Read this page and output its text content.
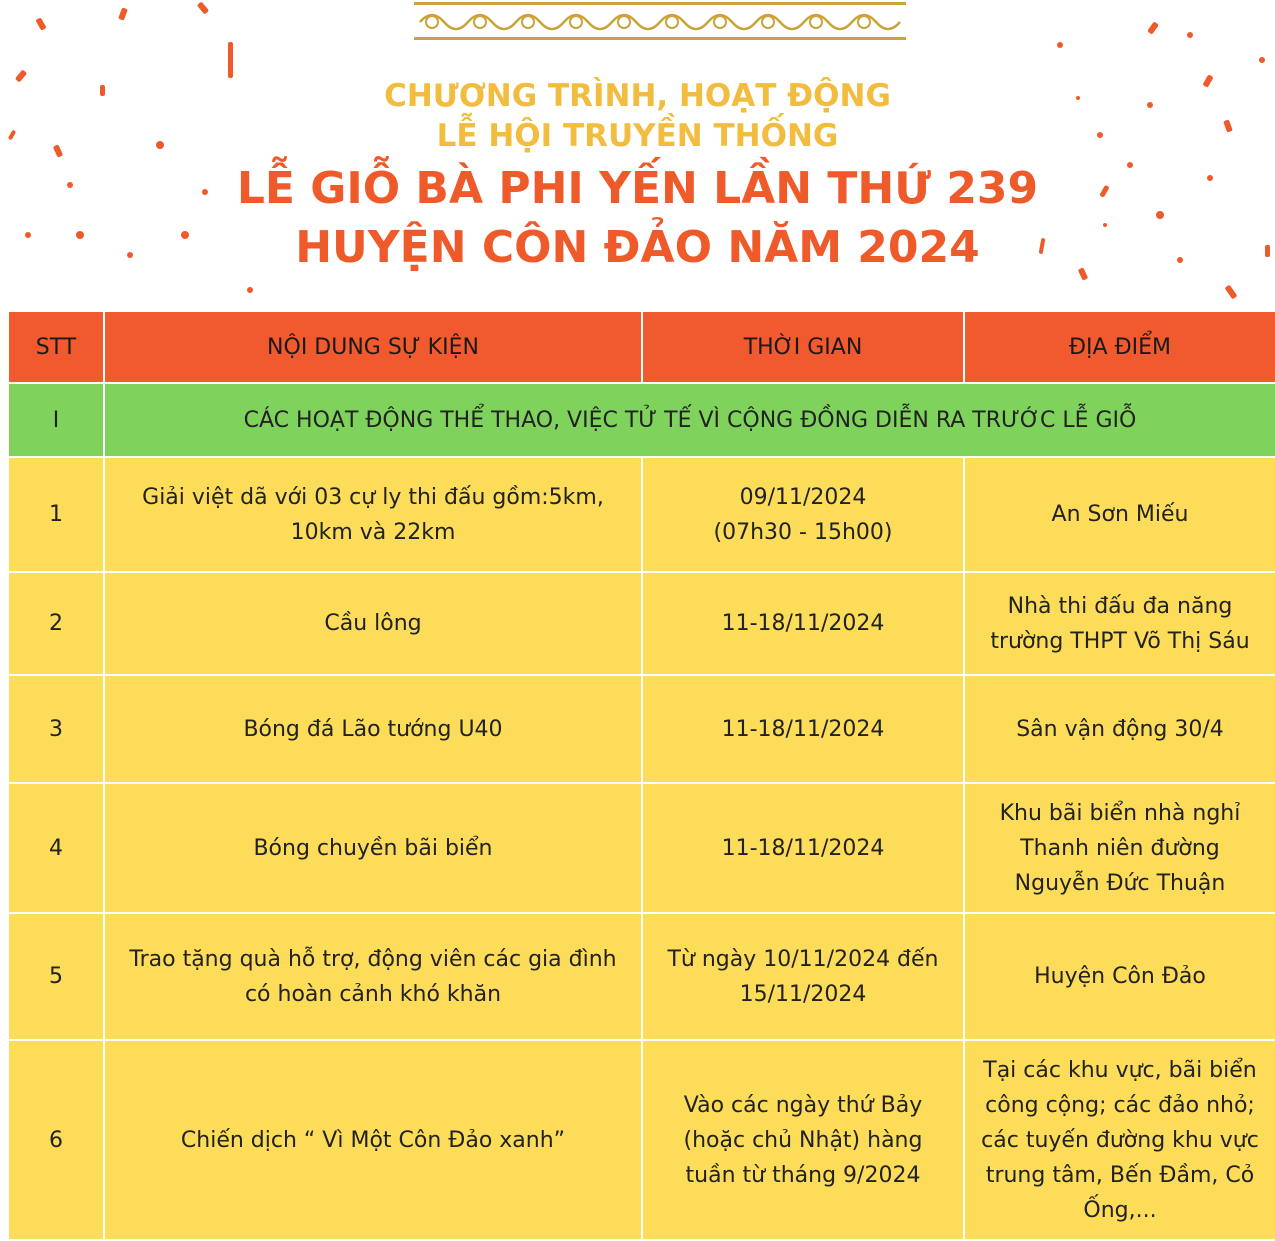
CHƯƠNG TRÌNH, HOẠT ĐỘNG
LỄ HỘI TRUYỀN THỐNG
LỄ GIỖ BÀ PHI YẾN LẦN THỨ 239
HUYỆN CÔN ĐẢO NĂM 2024
STT	NỘI DUNG SỰ KIỆN	THỜI GIAN	ĐỊA ĐIỂM
I	CÁC HOẠT ĐỘNG THỂ THAO, VIỆC TỬ TẾ VÌ CỘNG ĐỒNG DIỄN RA TRƯỚC LỄ GIỖ		
1	Giải việt dã với 03 cự ly thi đấu gồm:5km, 10km và 22km	09/11/2024 (07h30 - 15h00)	An Sơn Miếu
2	Cầu lông	11-18/11/2024	Nhà thi đấu đa năng trường THPT Võ Thị Sáu
3	Bóng đá Lão tướng U40	11-18/11/2024	Sân vận động 30/4
4	Bóng chuyền bãi biển	11-18/11/2024	Khu bãi biển nhà nghỉ Thanh niên đường Nguyễn Đức Thuận
5	Trao tặng quà hỗ trợ, động viên các gia đình có hoàn cảnh khó khăn	Từ ngày 10/11/2024 đến 15/11/2024	Huyện Côn Đảo
6	Chiến dịch “ Vì Một Côn Đảo xanh”	Vào các ngày thứ Bảy (hoặc chủ Nhật) hàng tuần từ tháng 9/2024	Tại các khu vực, bãi biển công cộng; các đảo nhỏ; các tuyến đường khu vực trung tâm, Bến Đầm, Cỏ Ống,...
